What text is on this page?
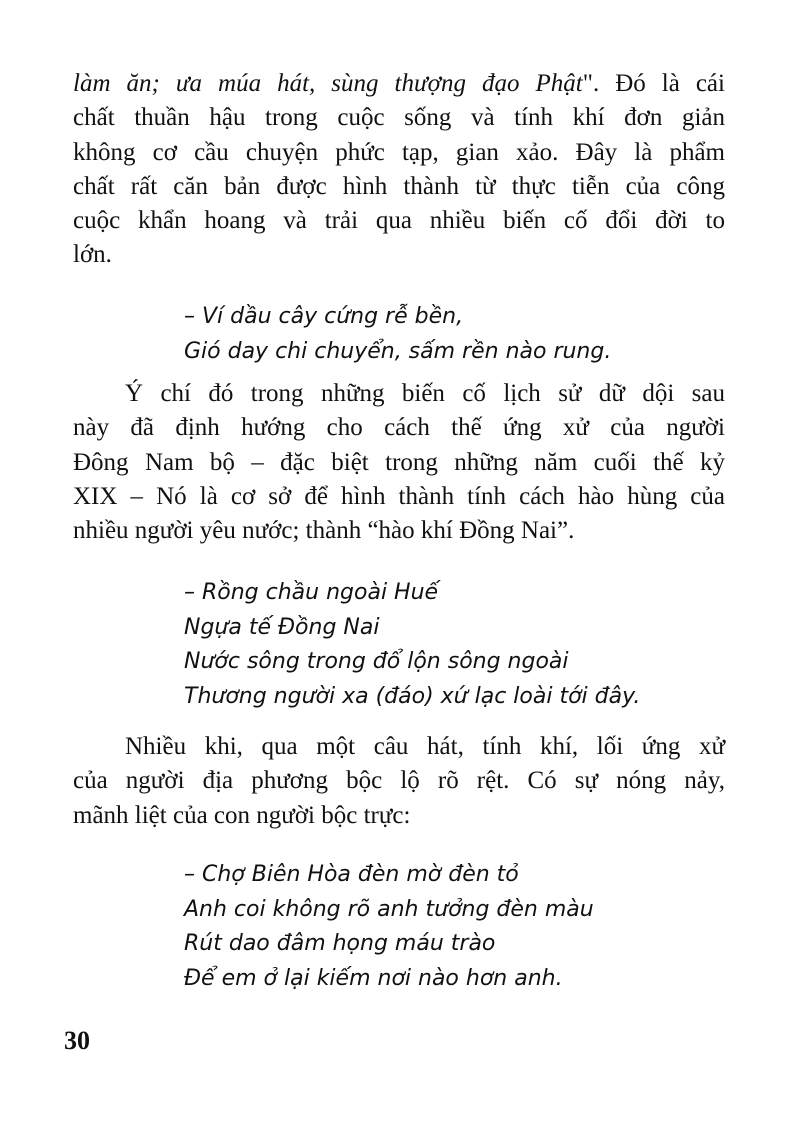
làm ăn; ưa múa hát, sùng thượng đạo Phật". Đó là cái
chất thuần hậu trong cuộc sống và tính khí đơn giản
không cơ cầu chuyện phức tạp, gian xảo. Đây là phẩm
chất rất căn bản được hình thành từ thực tiễn của công
cuộc khẩn hoang và trải qua nhiều biến cố đổi đời to
lớn.
– Ví dầu cây cứng rễ bền,
Gió day chi chuyển, sấm rền nào rung.
Ý chí đó trong những biến cố lịch sử dữ dội sau
này đã định hướng cho cách thế ứng xử của người
Đông Nam bộ – đặc biệt trong những năm cuối thế kỷ
XIX – Nó là cơ sở để hình thành tính cách hào hùng của
nhiều người yêu nước; thành “hào khí Đồng Nai”.
– Rồng chầu ngoài Huế
Ngựa tế Đồng Nai
Nước sông trong đổ lộn sông ngoài
Thương người xa (đáo) xứ lạc loài tới đây.
Nhiều khi, qua một câu hát, tính khí, lối ứng xử
của người địa phương bộc lộ rõ rệt. Có sự nóng nảy,
mãnh liệt của con người bộc trực:
– Chợ Biên Hòa đèn mờ đèn tỏ
Anh coi không rõ anh tưởng đèn màu
Rút dao đâm họng máu trào
Để em ở lại kiếm nơi nào hơn anh.
30
